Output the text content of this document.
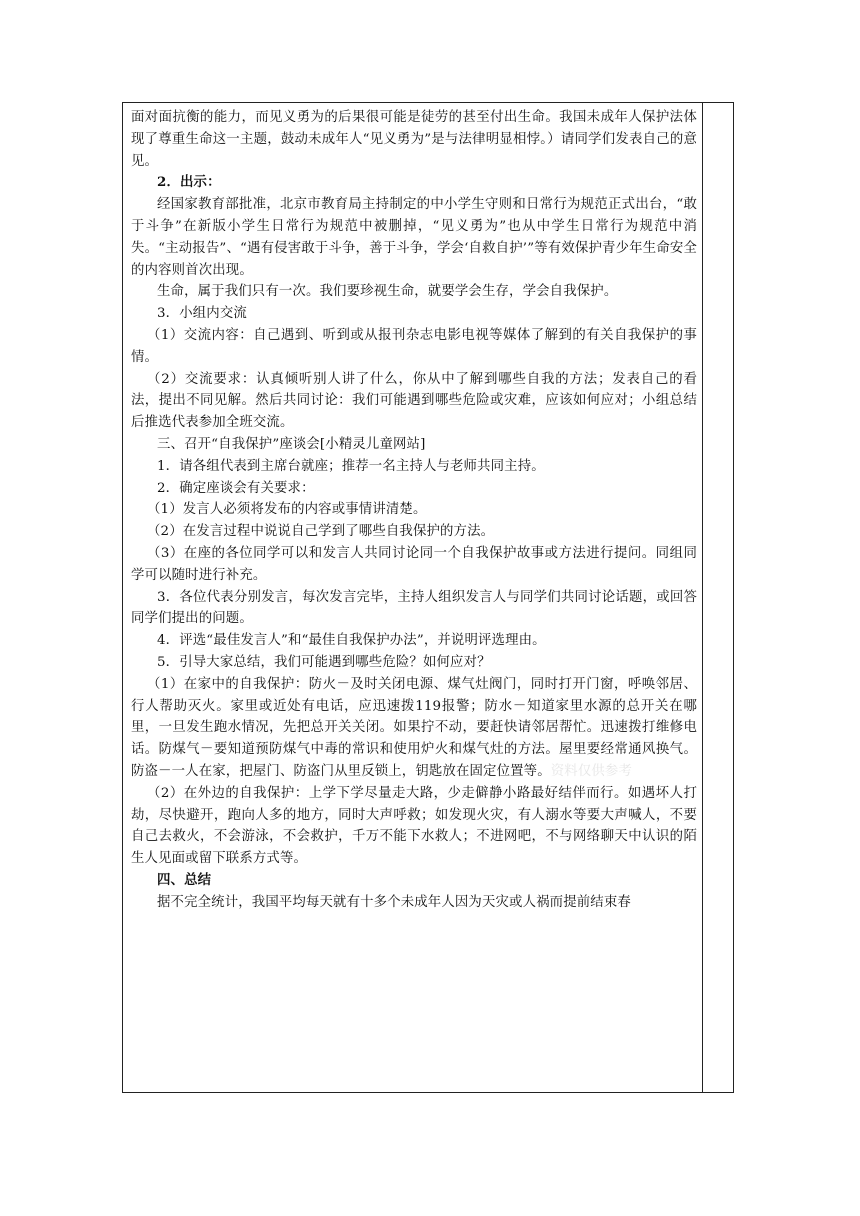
面对面抗衡的能力，而见义勇为的后果很可能是徒劳的甚至付出生命。我国未成年人保护法体现了尊重生命这一主题，鼓动未成年人“见义勇为”是与法律明显相悖。）请同学们发表自己的意见。

2．出示：

经国家教育部批准，北京市教育局主持制定的中小学生守则和日常行为规范正式出台，“敢于斗争”在新版小学生日常行为规范中被删掉，“见义勇为”也从中学生日常行为规范中消失。“主动报告”、“遇有侵害敢于斗争，善于斗争，学会‘自救自护’”等有效保护青少年生命安全的内容则首次出现。

生命，属于我们只有一次。我们要珍视生命，就要学会生存，学会自我保护。

3．小组内交流

（1）交流内容：自己遇到、听到或从报刊杂志电影电视等媒体了解到的有关自我保护的事情。

（2）交流要求：认真倾听别人讲了什么，你从中了解到哪些自我的方法；发表自己的看法，提出不同见解。然后共同讨论：我们可能遇到哪些危险或灾难，应该如何应对；小组总结后推选代表参加全班交流。

三、召开“自我保护”座谈会[小精灵儿童网站]

1．请各组代表到主席台就座；推荐一名主持人与老师共同主持。

2．确定座谈会有关要求：

（1）发言人必须将发布的内容或事情讲清楚。

（2）在发言过程中说说自己学到了哪些自我保护的方法。

（3）在座的各位同学可以和发言人共同讨论同一个自我保护故事或方法进行提问。同组同学可以随时进行补充。

3．各位代表分别发言，每次发言完毕，主持人组织发言人与同学们共同讨论话题，或回答同学们提出的问题。

4．评选“最佳发言人”和“最佳自我保护办法”，并说明评选理由。

5．引导大家总结，我们可能遇到哪些危险？如何应对？

（1）在家中的自我保护：防火－及时关闭电源、煤气灶阀门，同时打开门窗，呼唤邻居、行人帮助灭火。家里或近处有电话，应迅速拨119报警；防水－知道家里水源的总开关在哪里，一旦发生跑水情况，先把总开关关闭。如果拧不动，要赶快请邻居帮忙。迅速拨打维修电话。防煤气－要知道预防煤气中毒的常识和使用炉火和煤气灶的方法。屋里要经常通风换气。防盗－一人在家，把屋门、防盗门从里反锁上，钥匙放在固定位置等。资料仅供参考

（2）在外边的自我保护：上学下学尽量走大路，少走僻静小路最好结伴而行。如遇坏人打劫，尽快避开，跑向人多的地方，同时大声呼救；如发现火灾，有人溺水等要大声喊人，不要自己去救火，不会游泳，不会救护，千万不能下水救人；不进网吧，不与网络聊天中认识的陌生人见面或留下联系方式等。

四、总结

据不完全统计，我国平均每天就有十多个未成年人因为天灾或人祸而提前结束春
